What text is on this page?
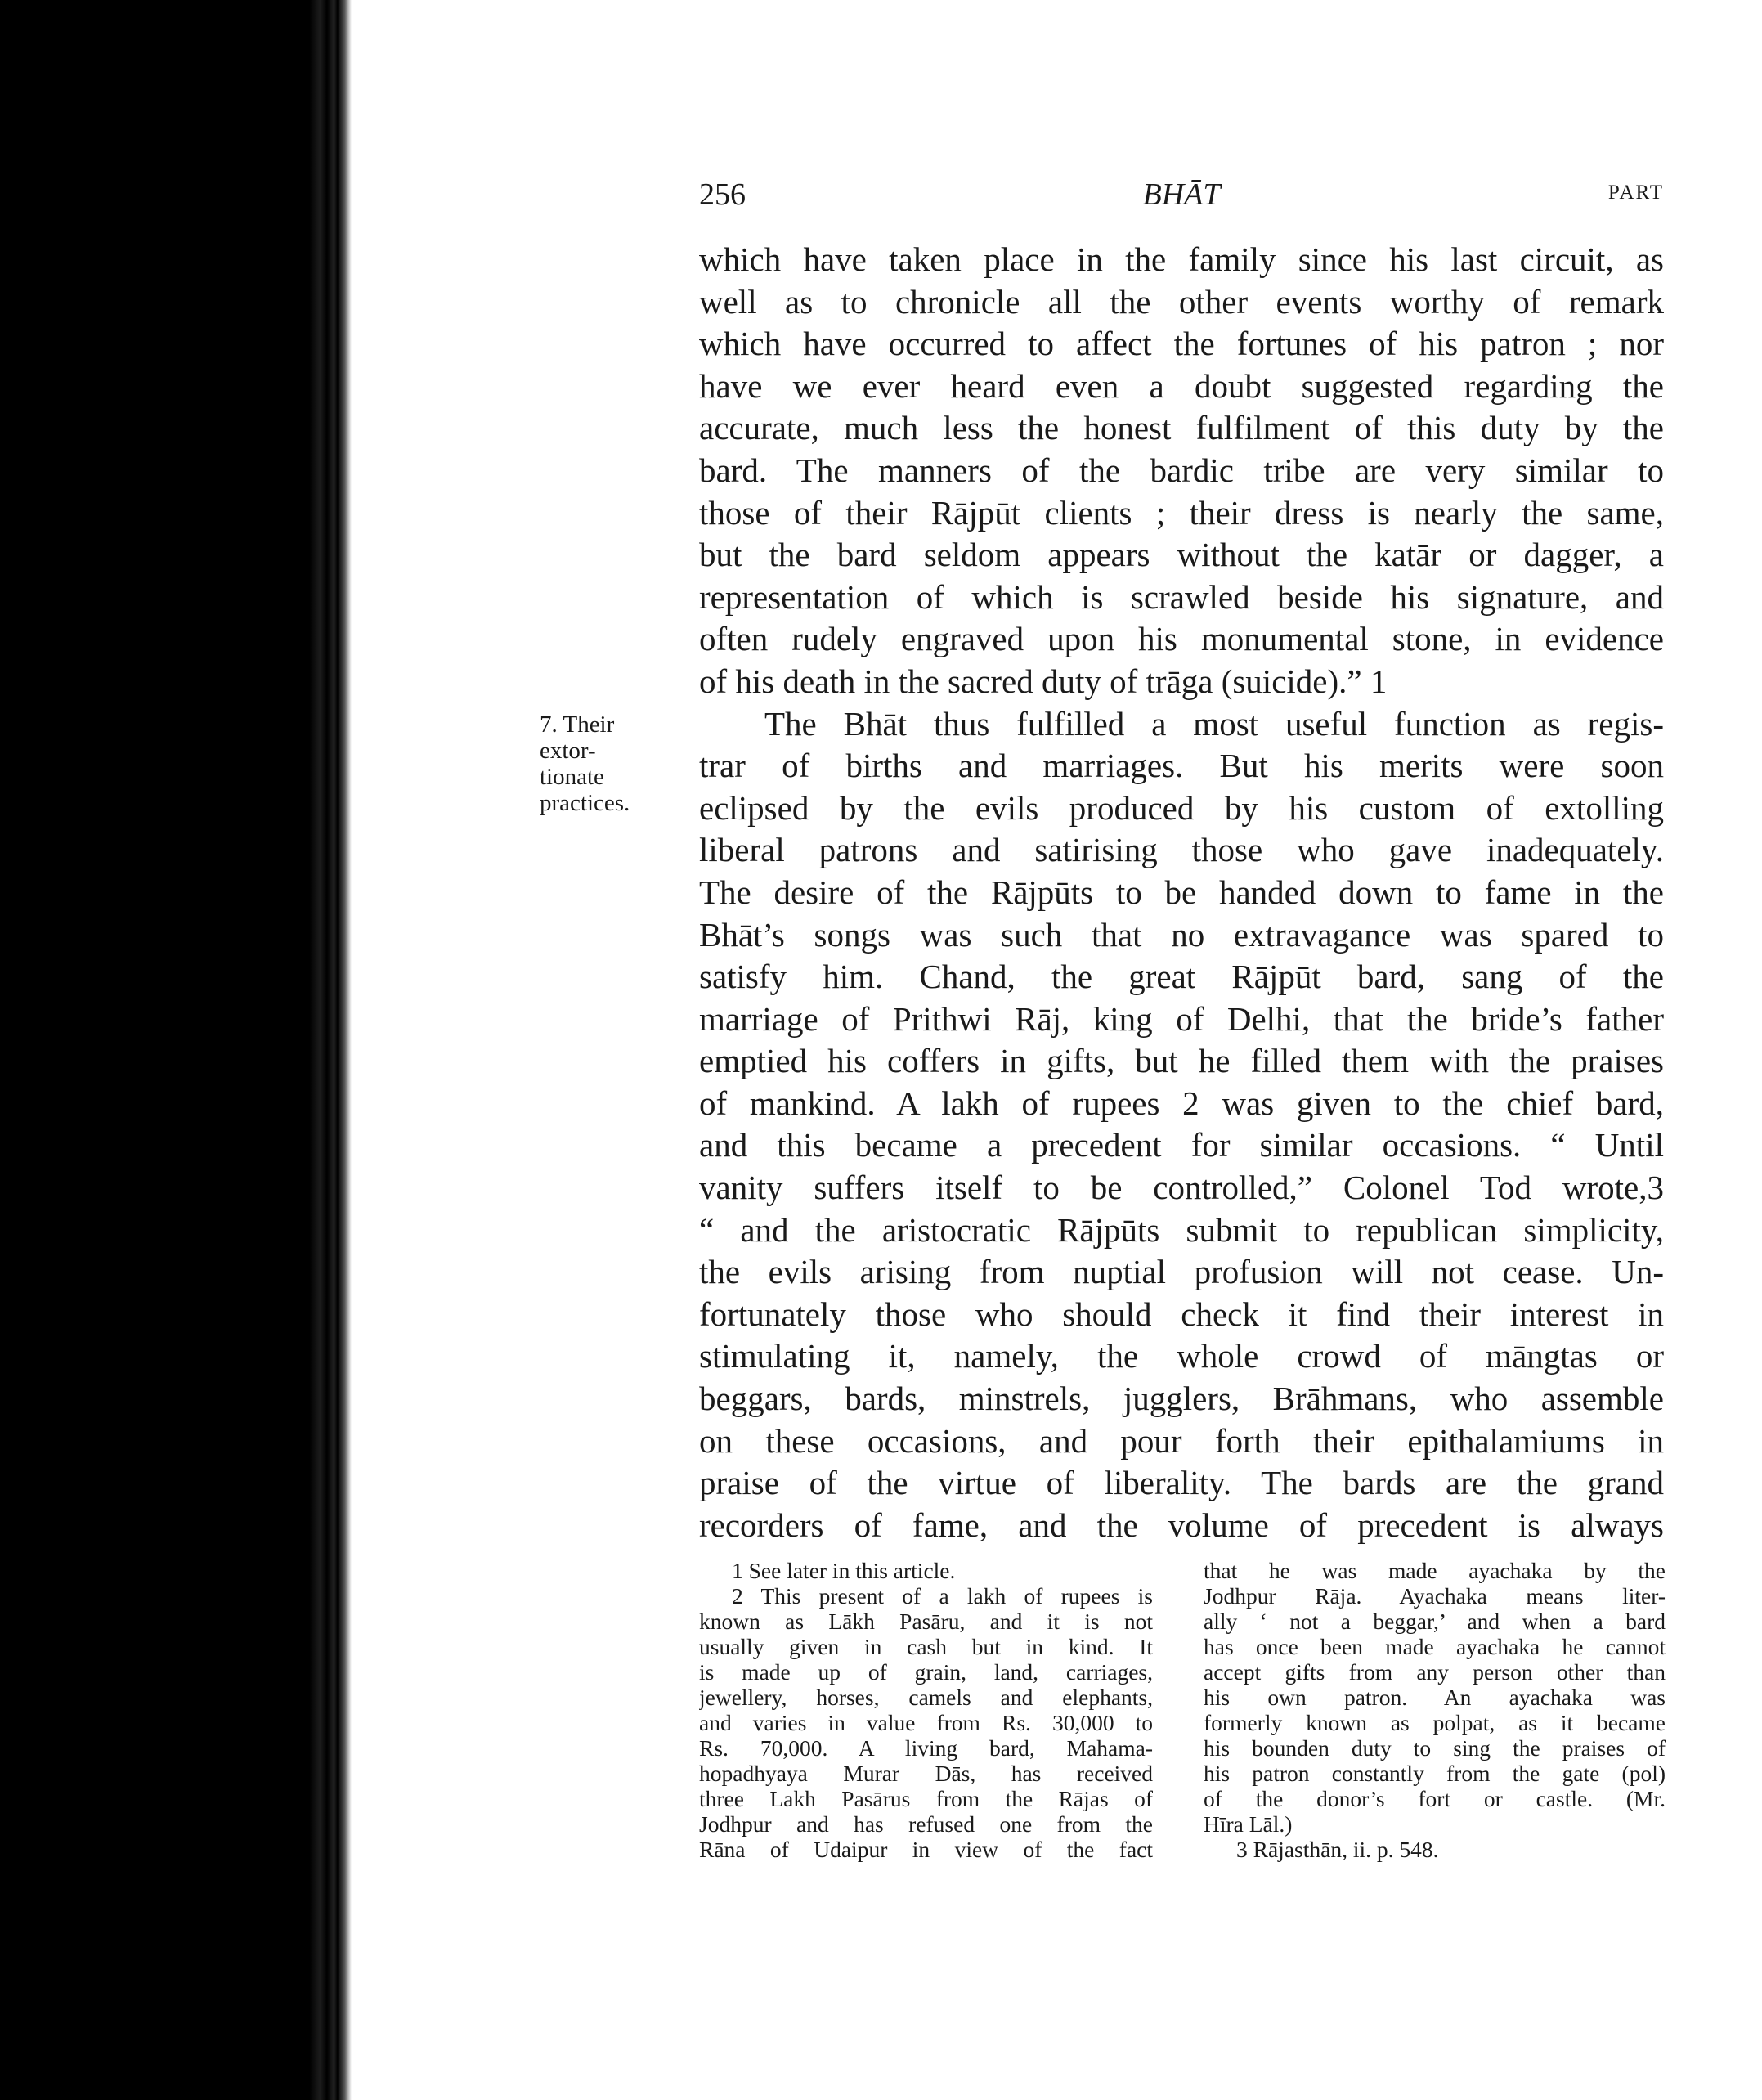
256	BHĀT	PART
7. Their
extor-
tionate
practices.
which have taken place in the family since his last circuit, as
well as to chronicle all the other events worthy of remark
which have occurred to affect the fortunes of his patron ; nor
have we ever heard even a doubt suggested regarding the
accurate, much less the honest fulfilment of this duty by the
bard. The manners of the bardic tribe are very similar to
those of their Rājpūt clients ; their dress is nearly the same,
but the bard seldom appears without the katār or dagger, a
representation of which is scrawled beside his signature, and
often rudely engraved upon his monumental stone, in evidence
of his death in the sacred duty of trāga (suicide).” 1
The Bhāt thus fulfilled a most useful function as regis-
trar of births and marriages. But his merits were soon
eclipsed by the evils produced by his custom of extolling
liberal patrons and satirising those who gave inadequately.
The desire of the Rājpūts to be handed down to fame in the
Bhāt’s songs was such that no extravagance was spared to
satisfy him. Chand, the great Rājpūt bard, sang of the
marriage of Prithwi Rāj, king of Delhi, that the bride’s father
emptied his coffers in gifts, but he filled them with the praises
of mankind. A lakh of rupees 2 was given to the chief bard,
and this became a precedent for similar occasions. “ Until
vanity suffers itself to be controlled,” Colonel Tod wrote,3
“ and the aristocratic Rājpūts submit to republican simplicity,
the evils arising from nuptial profusion will not cease. Un-
fortunately those who should check it find their interest in
stimulating it, namely, the whole crowd of māngtas or
beggars, bards, minstrels, jugglers, Brāhmans, who assemble
on these occasions, and pour forth their epithalamiums in
praise of the virtue of liberality. The bards are the grand
recorders of fame, and the volume of precedent is always
1 See later in this article.
2 This present of a lakh of rupees is
known as Lākh Pasāru, and it is not
usually given in cash but in kind. It
is made up of grain, land, carriages,
jewellery, horses, camels and elephants,
and varies in value from Rs. 30,000 to
Rs. 70,000. A living bard, Mahama-
hopadhyaya Murar Dās, has received
three Lakh Pasārus from the Rājas of
Jodhpur and has refused one from the
Rāna of Udaipur in view of the fact
that he was made ayachaka by the
Jodhpur Rāja. Ayachaka means liter-
ally ‘ not a beggar,’ and when a bard
has once been made ayachaka he cannot
accept gifts from any person other than
his own patron. An ayachaka was
formerly known as polpat, as it became
his bounden duty to sing the praises of
his patron constantly from the gate (pol)
of the donor’s fort or castle. (Mr.
Hīra Lāl.)
3 Rājasthān, ii. p. 548.
